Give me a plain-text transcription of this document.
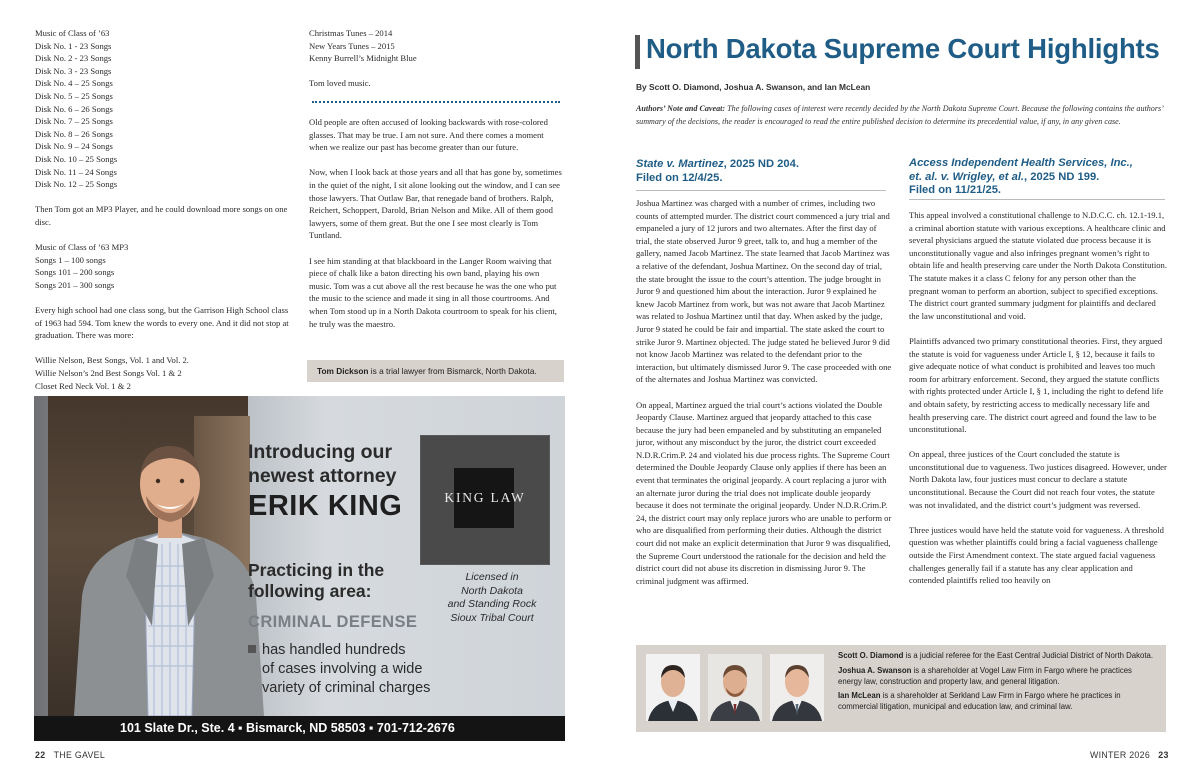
Music of Class of ’63
Disk No. 1 - 23 Songs
Disk No. 2 - 23 Songs
Disk No. 3 - 23 Songs
Disk No. 4 – 25 Songs
Disk No. 5 – 25 Songs
Disk No. 6 – 26 Songs
Disk No. 7 – 25 Songs
Disk No. 8 – 26 Songs
Disk No. 9 – 24 Songs
Disk No. 10 – 25 Songs
Disk No. 11 – 24 Songs
Disk No. 12 – 25 Songs

Then Tom got an MP3 Player, and he could download more songs on one disc.

Music of Class of ’63 MP3
Songs 1 – 100 songs
Songs 101 – 200 songs
Songs 201 – 300 songs

Every high school had one class song, but the Garrison High School class of 1963 had 594. Tom knew the words to every one. And it did not stop at graduation. There was more:

Willie Nelson, Best Songs, Vol. 1 and Vol. 2.
Willie Nelson’s 2nd Best Songs Vol. 1 & 2
Closet Red Neck Vol. 1 & 2
Christmas Tunes – 2014
New Years Tunes – 2015
Kenny Burrell’s Midnight Blue

Tom loved music.

Old people are often accused of looking backwards with rose-colored glasses. That may be true. I am not sure. And there comes a moment when we realize our past has become greater than our future.

Now, when I look back at those years and all that has gone by, sometimes in the quiet of the night, I sit alone looking out the window, and I can see those lawyers. That Outlaw Bar, that renegade band of brothers. Ralph, Reichert, Schoppert, Darold, Brian Nelson and Mike. All of them good lawyers, some of them great. But the one I see most clearly is Tom Tuntland.

I see him standing at that blackboard in the Langer Room waiving that piece of chalk like a baton directing his own band, playing his own music. Tom was a cut above all the rest because he was the one who put the music to the science and made it sing in all those courtrooms. And when Tom stood up in a North Dakota courtroom to speak for his client, he truly was the maestro.

Tom Dickson is a trial lawyer from Bismarck, North Dakota.
Introducing our
newest attorney
ERIK KING	KING LAW
Practicing in the
following area:
CRIMINAL DEFENSE
has handled hundreds
of cases involving a wide
variety of criminal charges
Licensed in
North Dakota
and Standing Rock
Sioux Tribal Court
101 Slate Dr., Ste. 4 ▪ Bismarck, ND 58503 ▪ 701-712-2676
22 THE GAVEL
North Dakota Supreme Court Highlights
By Scott O. Diamond, Joshua A. Swanson, and Ian McLean
Authors’ Note and Caveat: The following cases of interest were recently decided by the North Dakota Supreme Court. Because the following contains the authors’ summary of the decisions, the reader is encouraged to read the entire published decision to determine its precedential value, if any, in any given case.
State v. Martinez, 2025 ND 204.
Filed on 12/4/25.

Joshua Martinez was charged with a number of crimes, including two counts of attempted murder. The district court commenced a jury trial and empaneled a jury of 12 jurors and two alternates. After the first day of trial, the state observed Juror 9 greet, talk to, and hug a member of the gallery, named Jacob Martinez. The state learned that Jacob Martinez was a relative of the defendant, Joshua Martinez. On the second day of trial, the state brought the issue to the court’s attention. The judge brought in Juror 9 and questioned him about the interaction. Juror 9 explained he knew Jacob Martinez from work, but was not aware that Jacob Martinez was related to Joshua Martinez until that day. When asked by the judge, Juror 9 stated he could be fair and impartial. The state asked the court to strike Juror 9. Martinez objected. The judge stated he believed Juror 9 did not know Jacob Martinez was related to the defendant prior to the interaction, but ultimately dismissed Juror 9. The case proceeded with one of the alternates and Joshua Martinez was convicted.

On appeal, Martinez argued the trial court’s actions violated the Double Jeopardy Clause. Martinez argued that jeopardy attached to this case because the jury had been empaneled and by substituting an empaneled juror, without any misconduct by the juror, the district court exceeded N.D.R.Crim.P. 24 and violated his due process rights. The Supreme Court determined the Double Jeopardy Clause only applies if there has been an event that terminates the original jeopardy. A court replacing a juror with an alternate juror during the trial does not implicate double jeopardy because it does not terminate the original jeopardy. Under N.D.R.Crim.P. 24, the district court may only replace jurors who are unable to perform or who are disqualified from performing their duties. Although the district court did not make an explicit determination that Juror 9 was disqualified, the Supreme Court understood the rationale for the decision and held the district court did not abuse its discretion in dismissing Juror 9. The criminal judgment was affirmed.

Access Independent Health Services, Inc.,
et. al. v. Wrigley, et al., 2025 ND 199.
Filed on 11/21/25.

This appeal involved a constitutional challenge to N.D.C.C. ch. 12.1-19.1, a criminal abortion statute with various exceptions. A healthcare clinic and several physicians argued the statute violated due process because it is unconstitutionally vague and also infringes pregnant women’s right to obtain life and health preserving care under the North Dakota Constitution. The statute makes it a class C felony for any person other than the pregnant woman to perform an abortion, subject to specified exceptions. The district court granted summary judgment for plaintiffs and declared the law unconstitutional and void.

Plaintiffs advanced two primary constitutional theories. First, they argued the statute is void for vagueness under Article I, § 12, because it fails to give adequate notice of what conduct is prohibited and leaves too much room for arbitrary enforcement. Second, they argued the statute conflicts with rights protected under Article I, § 1, including the right to defend life and obtain safety, by restricting access to medically necessary life and health preserving care. The district court agreed and found the law to be unconstitutional.

On appeal, three justices of the Court concluded the statute is unconstitutional due to vagueness. Two justices disagreed. However, under North Dakota law, four justices must concur to declare a statute unconstitutional. Because the Court did not reach four votes, the statute was not invalidated, and the district court’s judgment was reversed.

Three justices would have held the statute void for vagueness. A threshold question was whether plaintiffs could bring a facial vagueness challenge outside the First Amendment context. The state argued facial vagueness challenges generally fail if a statute has any clear application and contended plaintiffs relied too heavily on

Scott O. Diamond is a judicial referee for the East Central Judicial District of North Dakota.

Joshua A. Swanson is a shareholder at Vogel Law Firm in Fargo where he practices energy law, construction and property law, and general litigation.

Ian McLean is a shareholder at Serkland Law Firm in Fargo where he practices in commercial litigation, municipal and education law, and criminal law.

WINTER 2026 23
